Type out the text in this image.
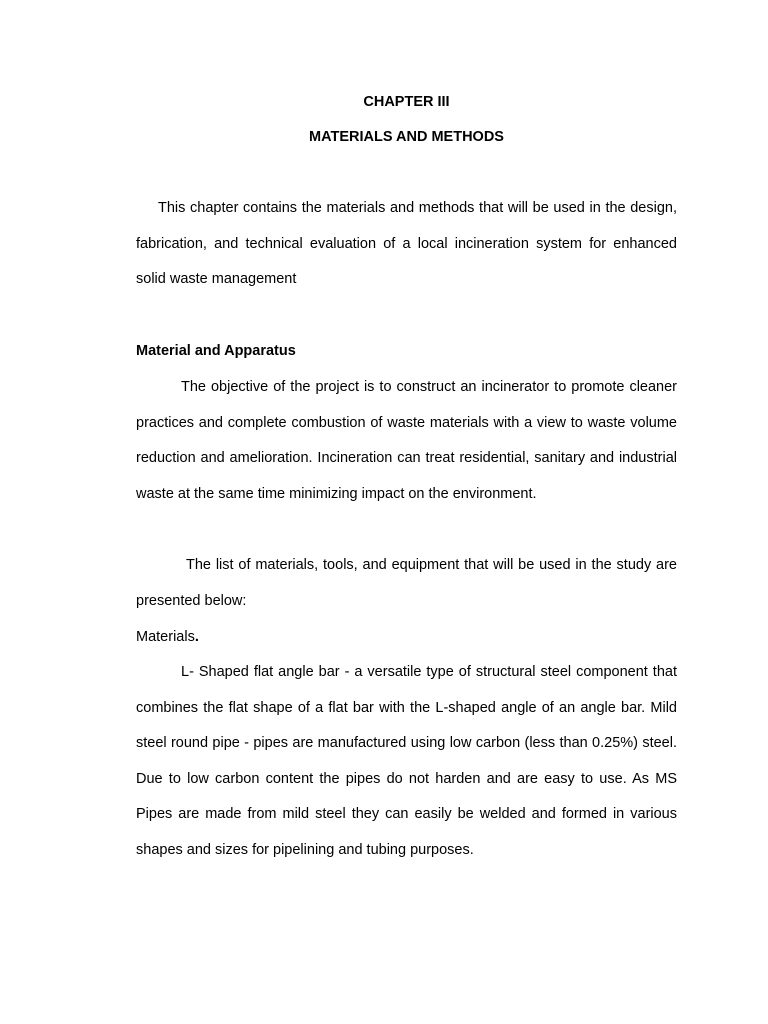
CHAPTER III
MATERIALS AND METHODS

This chapter contains the materials and methods that will be used in the design, fabrication, and technical evaluation of a local incineration system for enhanced solid waste management

Material and Apparatus

The objective of the project is to construct an incinerator to promote cleaner practices and complete combustion of waste materials with a view to waste volume reduction and amelioration. Incineration can treat residential, sanitary and industrial waste at the same time minimizing impact on the environment.

The list of materials, tools, and equipment that will be used in the study are presented below:

Materials.

L- Shaped flat angle bar - a versatile type of structural steel component that combines the flat shape of a flat bar with the L-shaped angle of an angle bar. Mild steel round pipe - pipes are manufactured using low carbon (less than 0.25%) steel. Due to low carbon content the pipes do not harden and are easy to use. As MS Pipes are made from mild steel they can easily be welded and formed in various shapes and sizes for pipelining and tubing purposes.
